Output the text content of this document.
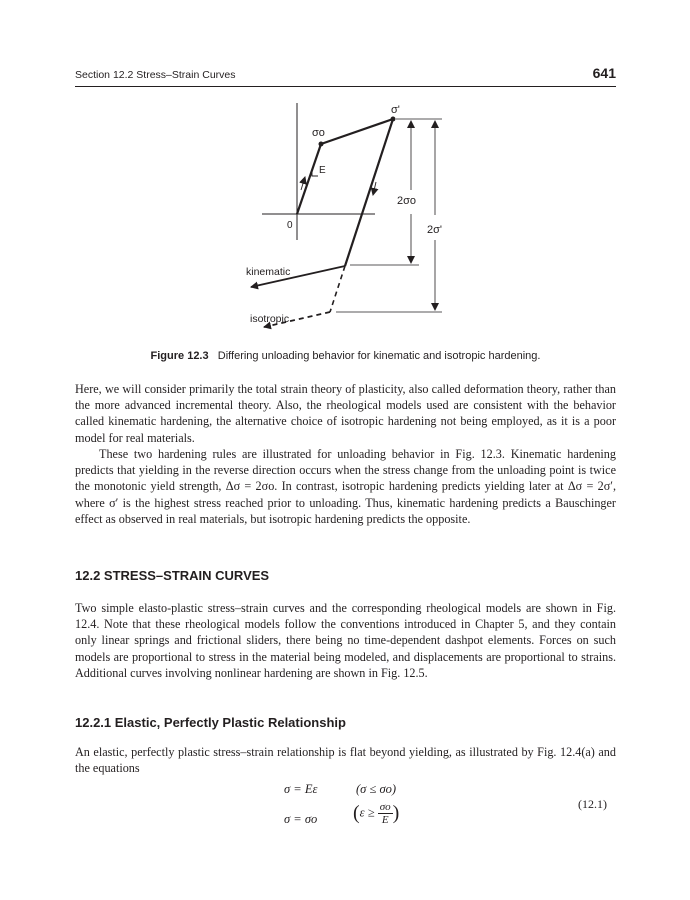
Section 12.2 Stress–Strain Curves	641
σ'
σo
E
0
2σo
2σ'
kinematic
isotropic
Figure 12.3 Differing unloading behavior for kinematic and isotropic hardening.

Here, we will consider primarily the total strain theory of plasticity, also called deformation theory, rather than the more advanced incremental theory. Also, the rheological models used are consistent with the behavior called kinematic hardening, the alternative choice of isotropic hardening not being employed, as it is a poor model for real materials.

These two hardening rules are illustrated for unloading behavior in Fig. 12.3. Kinematic hardening predicts that yielding in the reverse direction occurs when the stress change from the unloading point is twice the monotonic yield strength, Δσ = 2σo. In contrast, isotropic hardening predicts yielding later at Δσ = 2σ′, where σ′ is the highest stress reached prior to unloading. Thus, kinematic hardening predicts a Bauschinger effect as observed in real materials, but isotropic hardening predicts the opposite.

12.2 STRESS–STRAIN CURVES

Two simple elasto-plastic stress–strain curves and the corresponding rheological models are shown in Fig. 12.4. Note that these rheological models follow the conventions introduced in Chapter 5, and they contain only linear springs and frictional sliders, there being no time-dependent dashpot elements. Forces on such models are proportional to stress in the material being modeled, and displacements are proportional to strains. Additional curves involving nonlinear hardening are shown in Fig. 12.5.

12.2.1 Elastic, Perfectly Plastic Relationship

An elastic, perfectly plastic stress–strain relationship is flat beyond yielding, as illustrated by Fig. 12.4(a) and the equations

σ = Eε	(σ ≤ σo)
σ = σo ($\varepsilon \ge \frac{\sigma o}{E}$ )	(12.1)
